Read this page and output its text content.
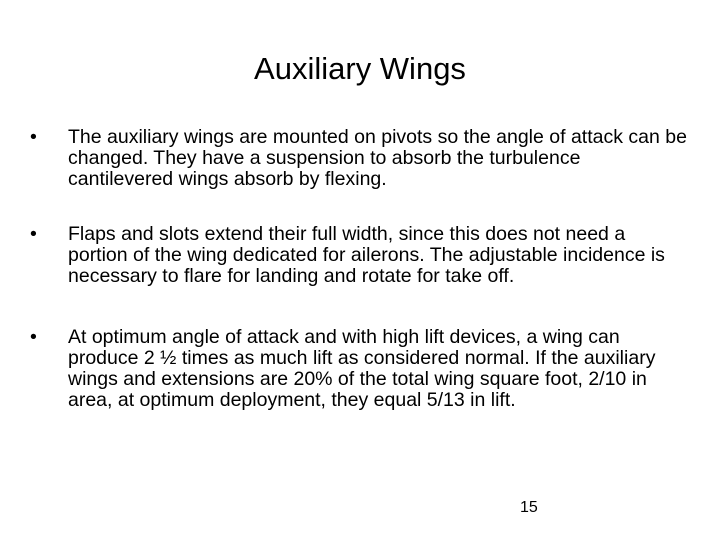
Auxiliary Wings
•	The auxiliary wings are mounted on pivots so the angle of attack can be changed. They have a suspension to absorb the turbulence cantilevered wings absorb by flexing.
•	Flaps and slots extend their full width, since this does not need a portion of the wing dedicated for ailerons. The adjustable incidence is necessary to flare for landing and rotate for take off.
•	At optimum angle of attack and with high lift devices, a wing can produce 2 ½ times as much lift as considered normal. If the auxiliary wings and extensions are 20% of the total wing square foot, 2/10 in area, at optimum deployment, they equal 5/13 in lift.
15
